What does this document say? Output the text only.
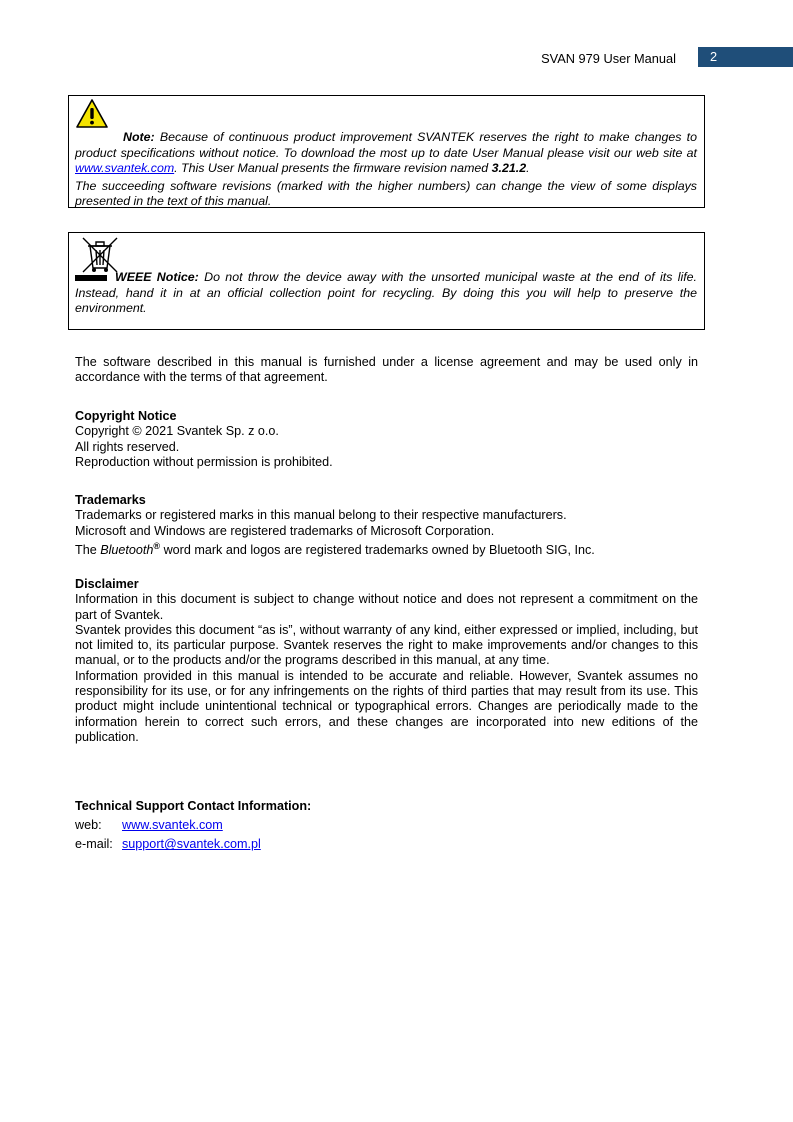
SVAN 979 User Manual	2

Note: Because of continuous product improvement SVANTEK reserves the right to make changes to product specifications without notice. To download the most up to date User Manual please visit our web site at www.svantek.com. This User Manual presents the firmware revision named 3.21.2.

The succeeding software revisions (marked with the higher numbers) can change the view of some displays presented in the text of this manual.

WEEE Notice: Do not throw the device away with the unsorted municipal waste at the end of its life. Instead, hand it in at an official collection point for recycling. By doing this you will help to preserve the environment.

The software described in this manual is furnished under a license agreement and may be used only in accordance with the terms of that agreement.

Copyright Notice

Copyright © 2021 Svantek Sp. z o.o.

All rights reserved.

Reproduction without permission is prohibited.

Trademarks

Trademarks or registered marks in this manual belong to their respective manufacturers.

Microsoft and Windows are registered trademarks of Microsoft Corporation.

The Bluetooth® word mark and logos are registered trademarks owned by Bluetooth SIG, Inc.

Disclaimer

Information in this document is subject to change without notice and does not represent a commitment on the part of Svantek.

Svantek provides this document “as is”, without warranty of any kind, either expressed or implied, including, but not limited to, its particular purpose. Svantek reserves the right to make improvements and/or changes to this manual, or to the products and/or the programs described in this manual, at any time.

Information provided in this manual is intended to be accurate and reliable. However, Svantek assumes no responsibility for its use, or for any infringements on the rights of third parties that may result from its use. This product might include unintentional technical or typographical errors. Changes are periodically made to the information herein to correct such errors, and these changes are incorporated into new editions of the publication.

Technical Support Contact Information:

web:	www.svantek.com
e-mail: support@svantek.com.pl
